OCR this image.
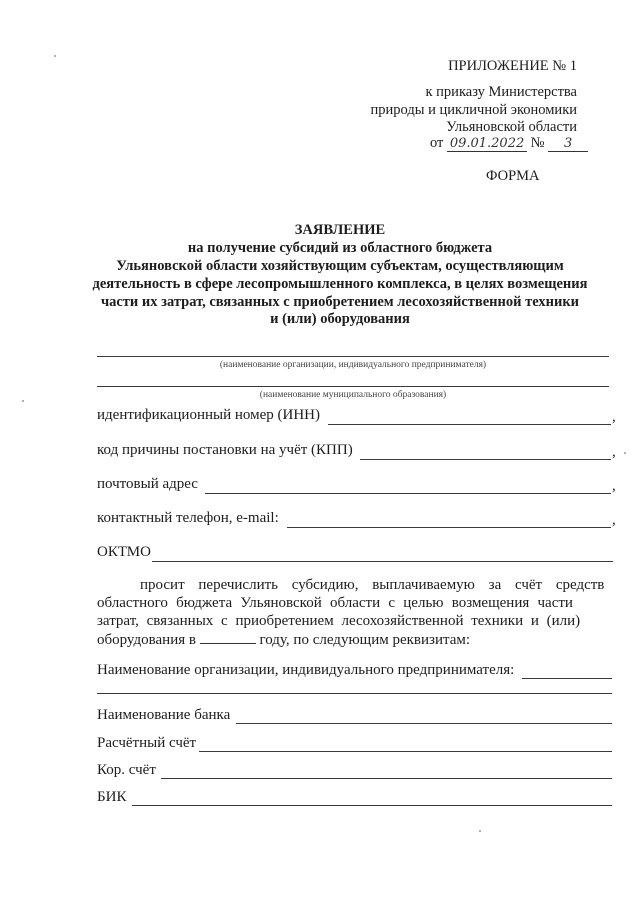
ПРИЛОЖЕНИЕ № 1
к приказу Министерства
природы и цикличной экономики
Ульяновской области
от 09.01.2022 № 3
ФОРМА
ЗАЯВЛЕНИЕ
на получение субсидий из областного бюджета
Ульяновской области хозяйствующим субъектам, осуществляющим
деятельность в сфере лесопромышленного комплекса, в целях возмещения
части их затрат, связанных с приобретением лесохозяйственной техники
и (или) оборудования
(наименование организации, индивидуального предпринимателя)
(наименование муниципального образования)
идентификационный номер (ИНН)	,
код причины постановки на учёт (КПП)	,
почтовый адрес	,
контактный телефон, e-mail:	,
ОКТМО
просит перечислить субсидию, выплачиваемую за счёт средств
областного бюджета Ульяновской области с целью возмещения части
затрат, связанных с приобретением лесохозяйственной техники и (или)
оборудования в	году, по следующим реквизитам:
Наименование организации, индивидуального предпринимателя:
Наименование банка
Расчётный счёт
Кор. счёт
БИК
